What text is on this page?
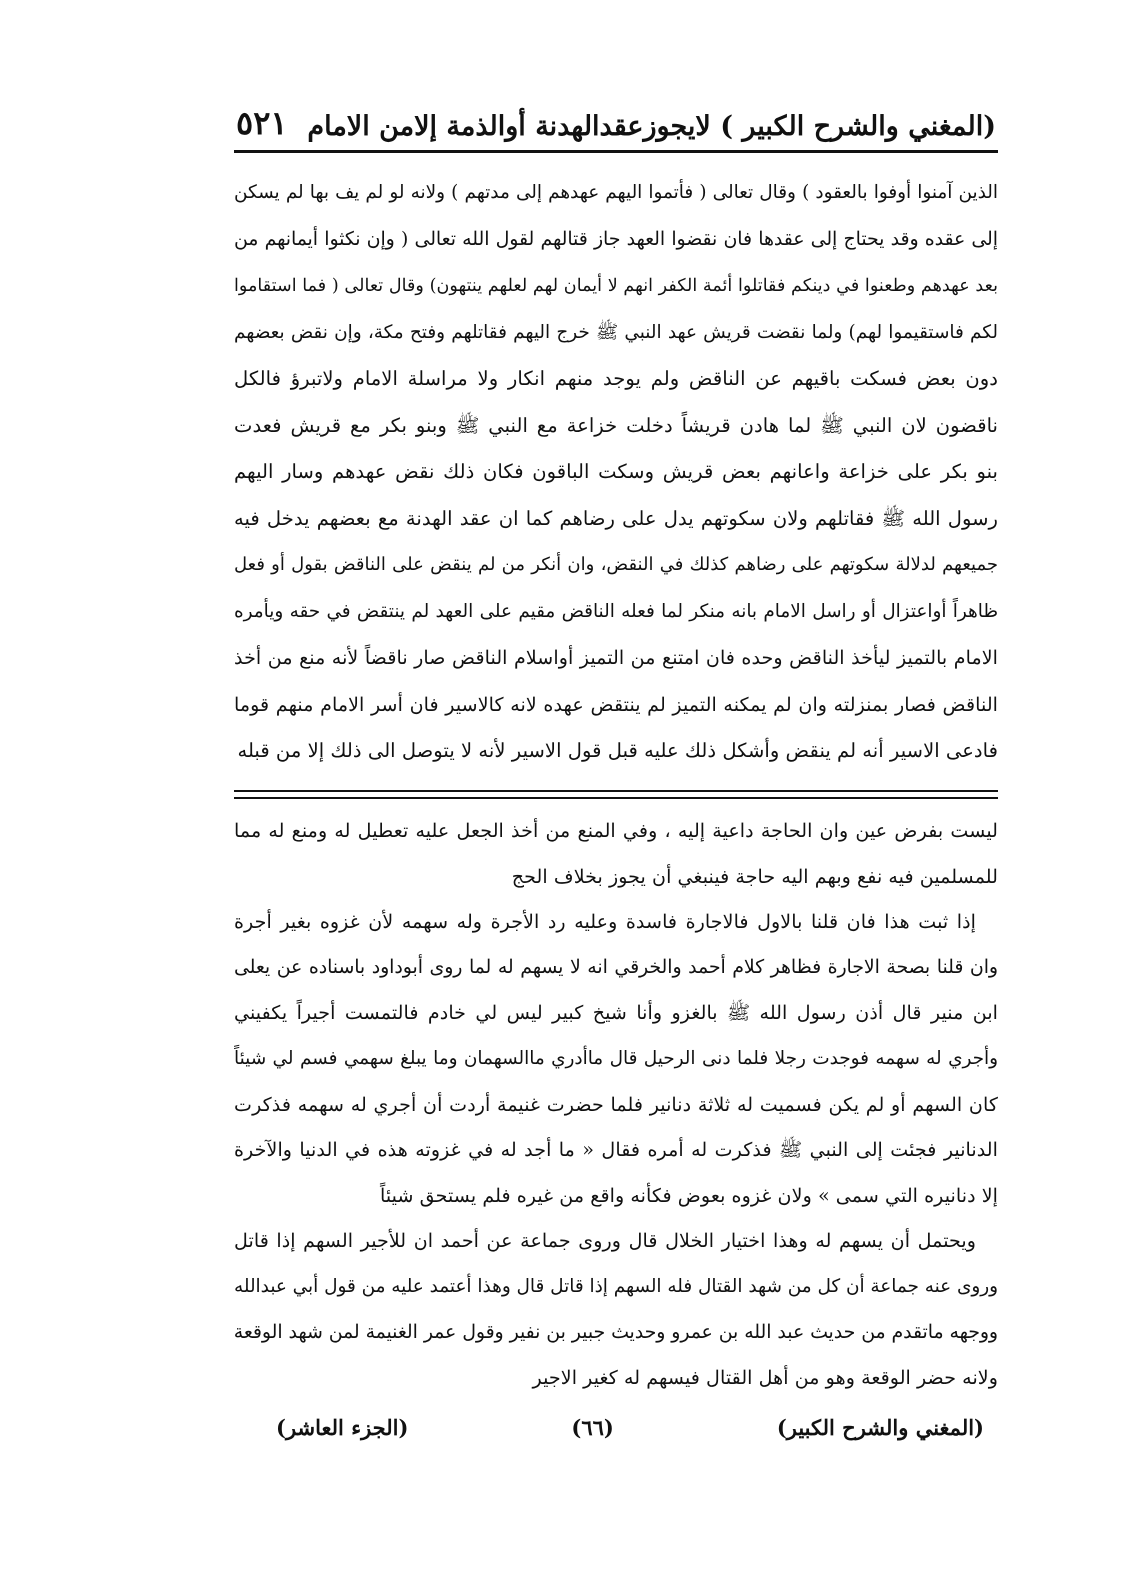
(المغني والشرح الكبير ) لايجوزعقدالهدنة أوالذمة إلامن الامام
٥٢١
الذين آمنوا أوفوا بالعقود ) وقال تعالى ( فأتموا اليهم عهدهم إلى مدتهم ) ولانه لو لم يف بها لم يسكن
إلى عقده وقد يحتاج إلى عقدها فان نقضوا العهد جاز قتالهم لقول الله تعالى ( وإن نكثوا أيمانهم من
بعد عهدهم وطعنوا في دينكم فقاتلوا أئمة الكفر انهم لا أيمان لهم لعلهم ينتهون) وقال تعالى ( فما استقاموا
لكم فاستقيموا لهم) ولما نقضت قريش عهد النبي ﷺ خرج اليهم فقاتلهم وفتح مكة، وإن نقض بعضهم
دون بعض فسكت باقيهم عن الناقض ولم يوجد منهم انكار ولا مراسلة الامام ولاتبرؤ فالكل
ناقضون لان النبي ﷺ لما هادن قريشاً دخلت خزاعة مع النبي ﷺ وبنو بكر مع قريش فعدت
بنو بكر على خزاعة واعانهم بعض قريش وسكت الباقون فكان ذلك نقض عهدهم وسار اليهم
رسول الله ﷺ فقاتلهم ولان سكوتهم يدل على رضاهم كما ان عقد الهدنة مع بعضهم يدخل فيه
جميعهم لدلالة سكوتهم على رضاهم كذلك في النقض، وان أنكر من لم ينقض على الناقض بقول أو فعل
ظاهراً أواعتزال أو راسل الامام بانه منكر لما فعله الناقض مقيم على العهد لم ينتقض في حقه ويأمره
الامام بالتميز ليأخذ الناقض وحده فان امتنع من التميز أواسلام الناقض صار ناقضاً لأنه منع من أخذ
الناقض فصار بمنزلته وان لم يمكنه التميز لم ينتقض عهده لانه كالاسير فان أسر الامام منهم قوما
فادعى الاسير أنه لم ينقض وأشكل ذلك عليه قبل قول الاسير لأنه لا يتوصل الى ذلك إلا من قبله
ليست بفرض عين وان الحاجة داعية إليه ، وفي المنع من أخذ الجعل عليه تعطيل له ومنع له مما
للمسلمين فيه نفع وبهم اليه حاجة فينبغي أن يجوز بخلاف الحج
إذا ثبت هذا فان قلنا بالاول فالاجارة فاسدة وعليه رد الأجرة وله سهمه لأن غزوه بغير أجرة
وان قلنا بصحة الاجارة فظاهر كلام أحمد والخرقي انه لا يسهم له لما روى أبوداود باسناده عن يعلى
ابن منير قال أذن رسول الله ﷺ بالغزو وأنا شيخ كبير ليس لي خادم فالتمست أجيراً يكفيني
وأجري له سهمه فوجدت رجلا فلما دنى الرحيل قال ماأدري ماالسهمان وما يبلغ سهمي فسم لي شيئاً
كان السهم أو لم يكن فسميت له ثلاثة دنانير فلما حضرت غنيمة أردت أن أجري له سهمه فذكرت
الدنانير فجئت إلى النبي ﷺ فذكرت له أمره فقال « ما أجد له في غزوته هذه في الدنيا والآخرة
إلا دنانيره التي سمى » ولان غزوه بعوض فكأنه واقع من غيره فلم يستحق شيئاً
ويحتمل أن يسهم له وهذا اختيار الخلال قال وروى جماعة عن أحمد ان للأجير السهم إذا قاتل
وروى عنه جماعة أن كل من شهد القتال فله السهم إذا قاتل قال وهذا أعتمد عليه من قول أبي عبدالله
ووجهه ماتقدم من حديث عبد الله بن عمرو وحديث جبير بن نفير وقول عمر الغنيمة لمن شهد الوقعة
ولانه حضر الوقعة وهو من أهل القتال فيسهم له كغير الاجير
(المغني والشرح الكبير)
(٦٦)
(الجزء العاشر)
